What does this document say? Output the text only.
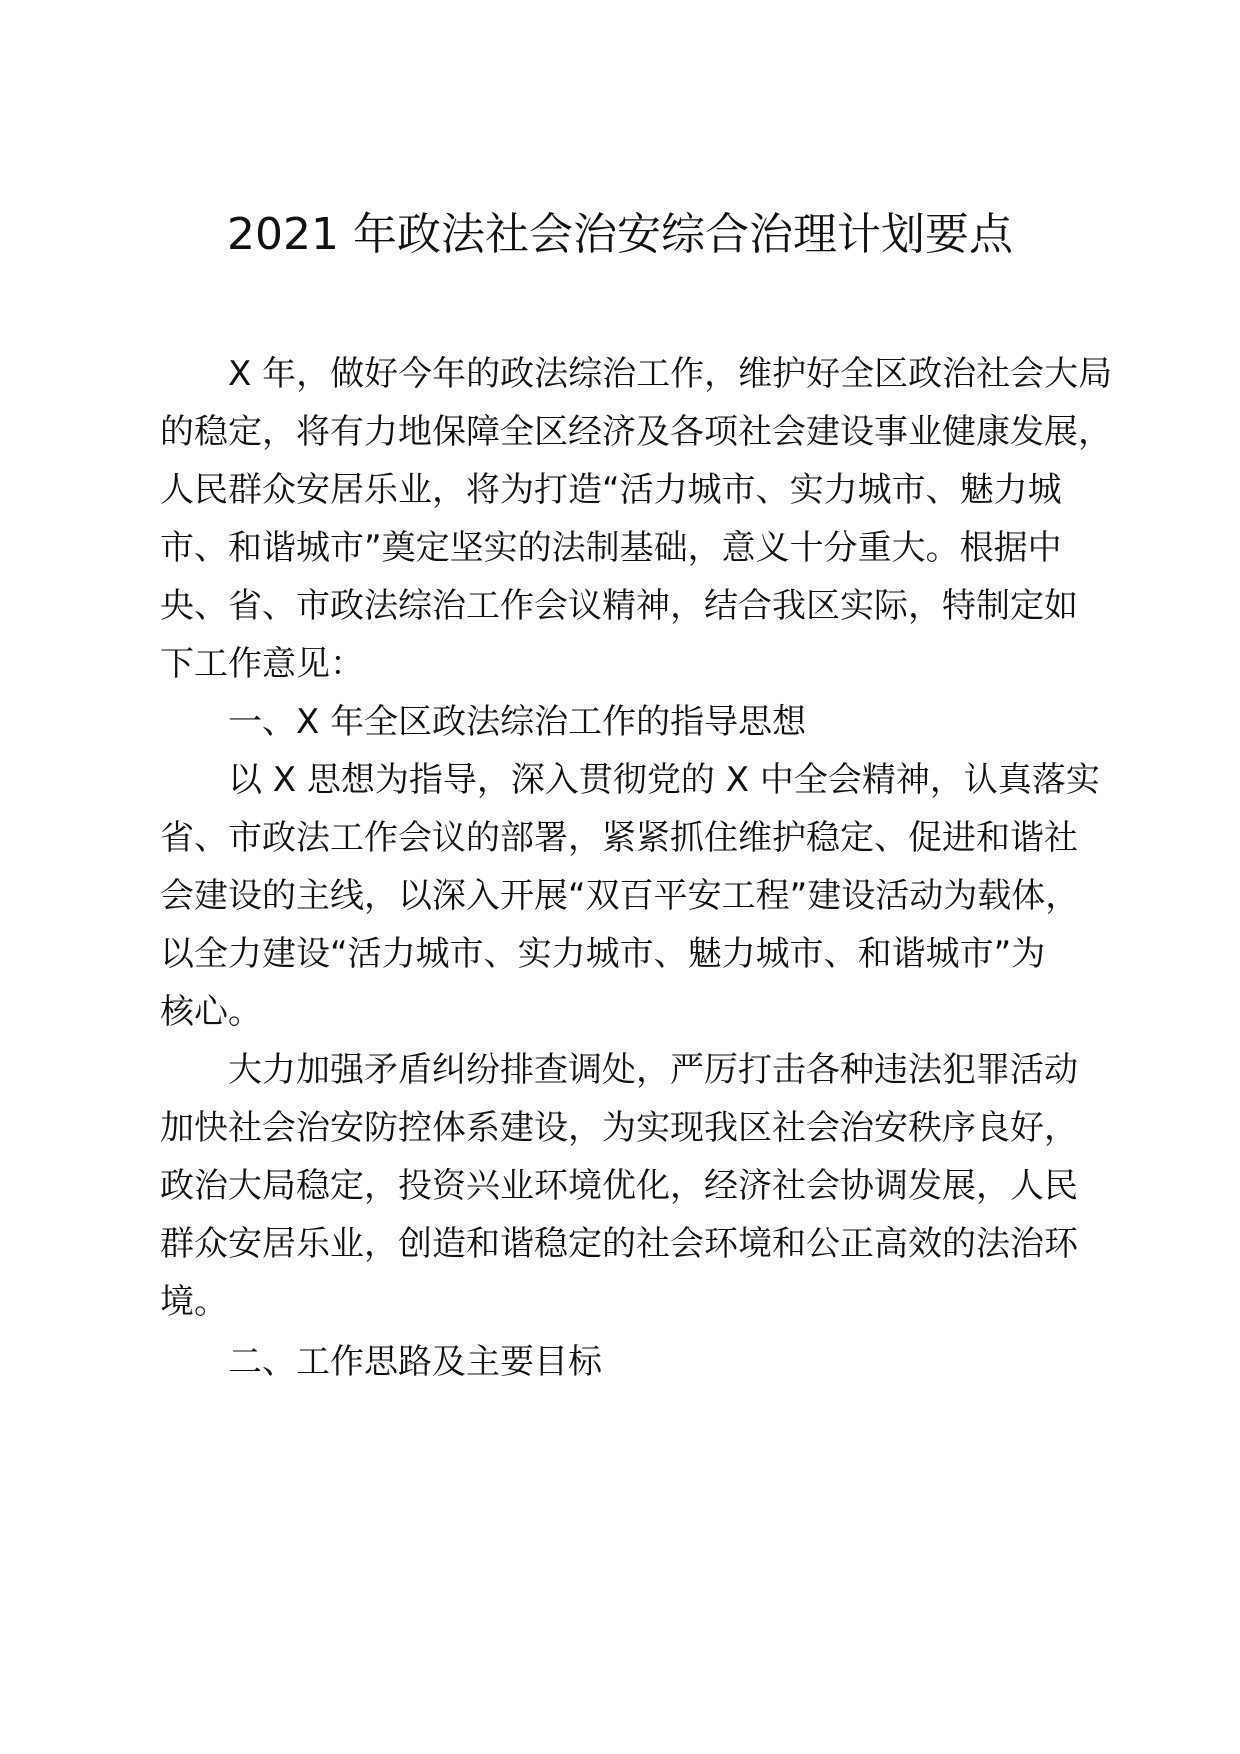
2021 年政法社会治安综合治理计划要点
X 年，做好今年的政法综治工作，维护好全区政治社会大局
的稳定，将有力地保障全区经济及各项社会建设事业健康发展，
人民群众安居乐业，将为打造“活力城市、实力城市、魅力城
市、和谐城市”奠定坚实的法制基础，意义十分重大。根据中
央、省、市政法综治工作会议精神，结合我区实际，特制定如
下工作意见：
一、X 年全区政法综治工作的指导思想
以 X 思想为指导，深入贯彻党的 X 中全会精神，认真落实
省、市政法工作会议的部署，紧紧抓住维护稳定、促进和谐社
会建设的主线，以深入开展“双百平安工程”建设活动为载体，
以全力建设“活力城市、实力城市、魅力城市、和谐城市”为
核心。
大力加强矛盾纠纷排查调处，严厉打击各种违法犯罪活动
加快社会治安防控体系建设，为实现我区社会治安秩序良好，
政治大局稳定，投资兴业环境优化，经济社会协调发展，人民
群众安居乐业，创造和谐稳定的社会环境和公正高效的法治环
境。
二、工作思路及主要目标
